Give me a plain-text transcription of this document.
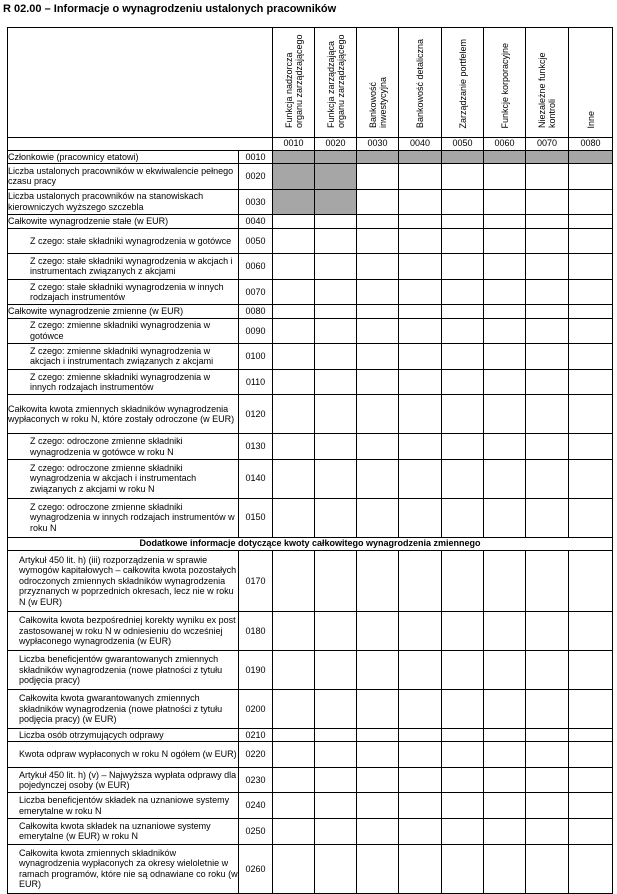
R 02.00 – Informacje o wynagrodzeniu ustalonych pracowników

		Funkcja nadzorcza organu zarządzającego	Funkcja zarządzająca organu zarządzającego	Bankowość inwestycyjna	Bankowość detaliczna	Zarządzanie portfelem	Funkcje korporacyjne	Niezależne funkcje kontroli	Inne

		0010	0020	0030	0040	0050	0060	0070	0080
Członkowie (pracownicy etatowi)	0010								
Liczba ustalonych pracowników w ekwiwalencie pełnego czasu pracy	0020								
Liczba ustalonych pracowników na stanowiskach kierowniczych wyższego szczebla	0030								
Całkowite wynagrodzenie stałe (w EUR)	0040								
Z czego: stałe składniki wynagrodzenia w gotówce	0050								
Z czego: stałe składniki wynagrodzenia w akcjach i instrumentach związanych z akcjami	0060								
Z czego: stałe składniki wynagrodzenia w innych rodzajach instrumentów	0070								
Całkowite wynagrodzenie zmienne (w EUR)	0080								
Z czego: zmienne składniki wynagrodzenia w gotówce	0090								
Z czego: zmienne składniki wynagrodzenia w akcjach i instrumentach związanych z akcjami	0100								
Z czego: zmienne składniki wynagrodzenia w innych rodzajach instrumentów	0110								
Całkowita kwota zmiennych składników wynagrodzenia wypłaconych w roku N, które zostały odroczone (w EUR)	0120								
Z czego: odroczone zmienne składniki wynagrodzenia w gotówce w roku N	0130								
Z czego: odroczone zmienne składniki wynagrodzenia w akcjach i instrumentach związanych z akcjami w roku N	0140								
Z czego: odroczone zmienne składniki wynagrodzenia w innych rodzajach instrumentów w roku N	0150								
Dodatkowe informacje dotyczące kwoty całkowitego wynagrodzenia zmiennego									
Artykuł 450 lit. h) (iii) rozporządzenia w sprawie wymogów kapitałowych – całkowita kwota pozostałych odroczonych zmiennych składników wynagrodzenia przyznanych w poprzednich okresach, lecz nie w roku N (w EUR)	0170								
Całkowita kwota bezpośredniej korekty wyniku ex post zastosowanej w roku N w odniesieniu do wcześniej wypłaconego wynagrodzenia (w EUR)	0180								
Liczba beneficjentów gwarantowanych zmiennych składników wynagrodzenia (nowe płatności z tytułu podjęcia pracy)	0190								
Całkowita kwota gwarantowanych zmiennych składników wynagrodzenia (nowe płatności z tytułu podjęcia pracy) (w EUR)	0200								
Liczba osób otrzymujących odprawy	0210								
Kwota odpraw wypłaconych w roku N ogółem (w EUR)	0220								
Artykuł 450 lit. h) (v) – Najwyższa wypłata odprawy dla pojedynczej osoby (w EUR)	0230								
Liczba beneficjentów składek na uznaniowe systemy emerytalne w roku N	0240								
Całkowita kwota składek na uznaniowe systemy emerytalne (w EUR) w roku N	0250								
Całkowita kwota zmiennych składników wynagrodzenia wypłaconych za okresy wieloletnie w ramach programów, które nie są odnawiane co roku (w EUR)	0260								
